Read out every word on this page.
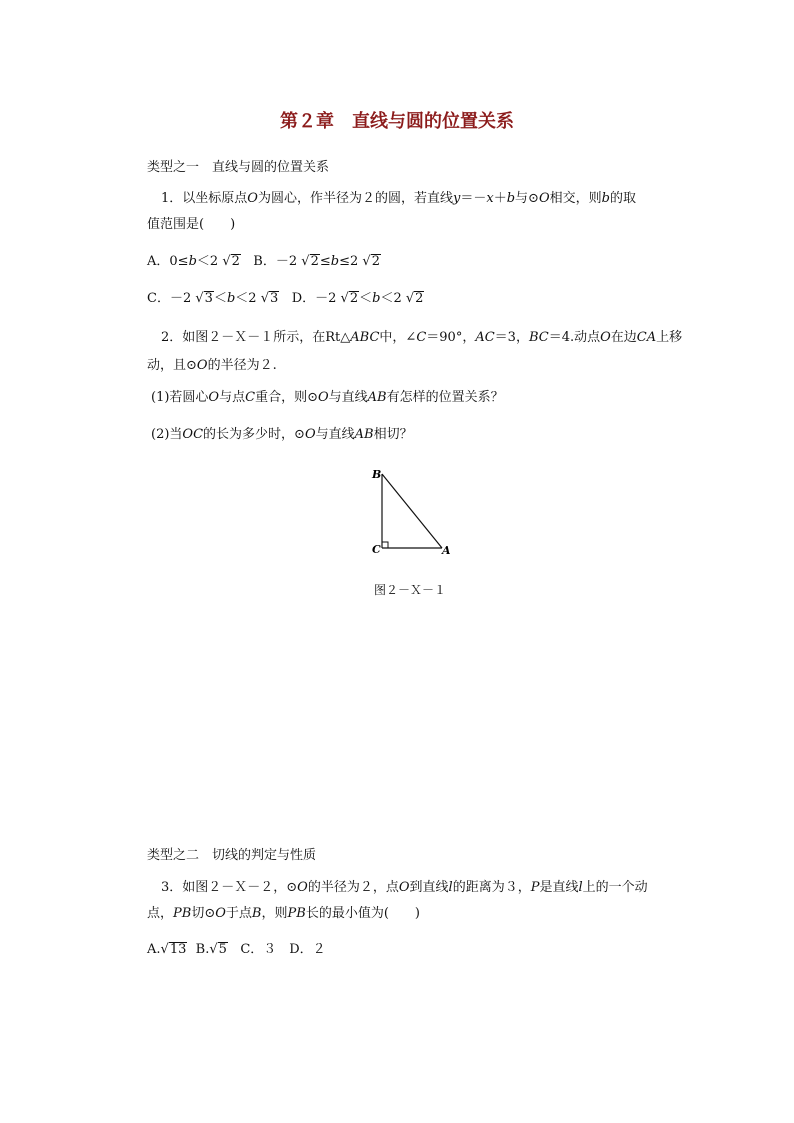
第２章　直线与圆的位置关系
类型之一　直线与圆的位置关系
1．以坐标原点O为圆心，作半径为２的圆，若直线y＝－x＋b与⊙O相交，则b的取
值范围是(　　)
A．0≤b＜2 √2 B．－2 √2≤b≤2 √2
C．－2 √3＜b＜2 √3 D．－2 √2＜b＜2 √2
2．如图２－Ｘ－１所示，在Rt△ABC中，∠C＝90°，AC＝3，BC＝4.动点O在边CA上移
动，且⊙O的半径为２.
(1)若圆心O与点C重合，则⊙O与直线AB有怎样的位置关系？
(2)当OC的长为多少时，⊙O与直线AB相切？
B
C	A
图２－Ｘ－１
类型之二　切线的判定与性质
3．如图２－Ｘ－２，⊙O的半径为２，点O到直线l的距离为３，P是直线l上的一个动
点，PB切⊙O于点B，则PB长的最小值为(　　)
A.√13 B.√5 C．３　D．２
